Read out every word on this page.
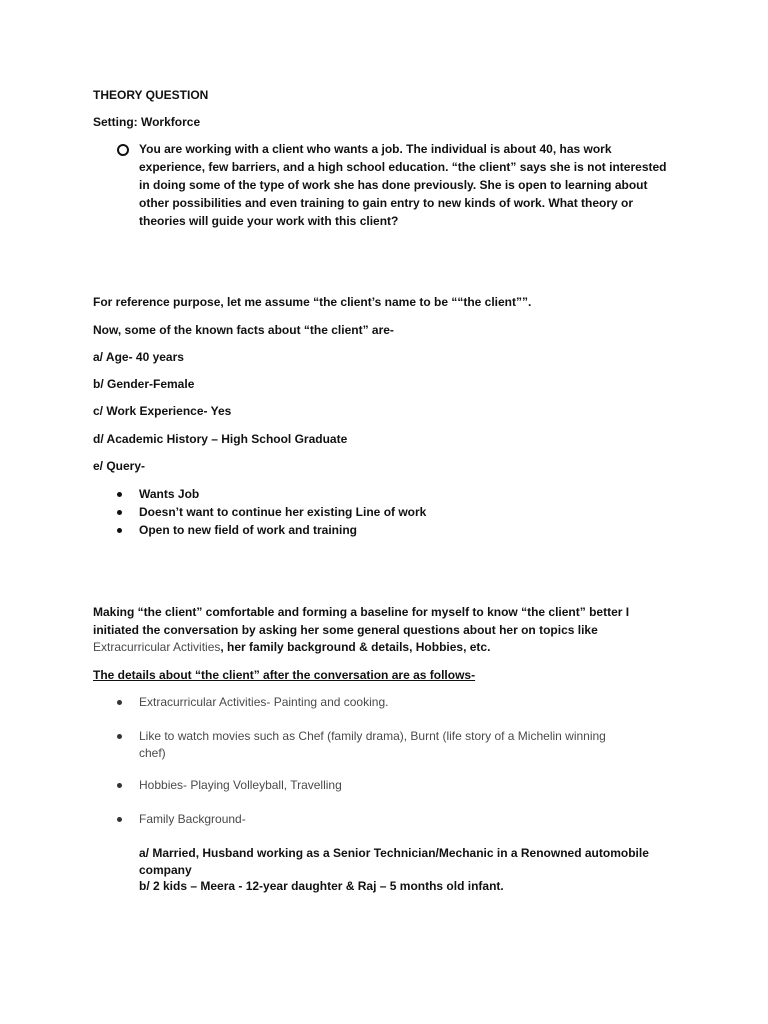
THEORY QUESTION
Setting: Workforce
You are working with a client who wants a job. The individual is about 40, has work
experience, few barriers, and a high school education. “the client” says she is not interested
in doing some of the type of work she has done previously. She is open to learning about
other possibilities and even training to gain entry to new kinds of work. What theory or
theories will guide your work with this client?
For reference purpose, let me assume “the client’s name to be ““the client””.
Now, some of the known facts about “the client” are-
a/ Age- 40 years
b/ Gender-Female
c/ Work Experience- Yes
d/ Academic History – High School Graduate
e/ Query-
Wants Job
Doesn’t want to continue her existing Line of work
Open to new field of work and training
Making “the client” comfortable and forming a baseline for myself to know “the client” better I
initiated the conversation by asking her some general questions about her on topics like
Extracurricular Activities, her family background & details, Hobbies, etc.
The details about “the client” after the conversation are as follows-
Extracurricular Activities- Painting and cooking.
Like to watch movies such as Chef (family drama), Burnt (life story of a Michelin winning
chef)
Hobbies- Playing Volleyball, Travelling
Family Background-
a/ Married, Husband working as a Senior Technician/Mechanic in a Renowned automobile
company
b/ 2 kids – Meera - 12-year daughter & Raj – 5 months old infant.
